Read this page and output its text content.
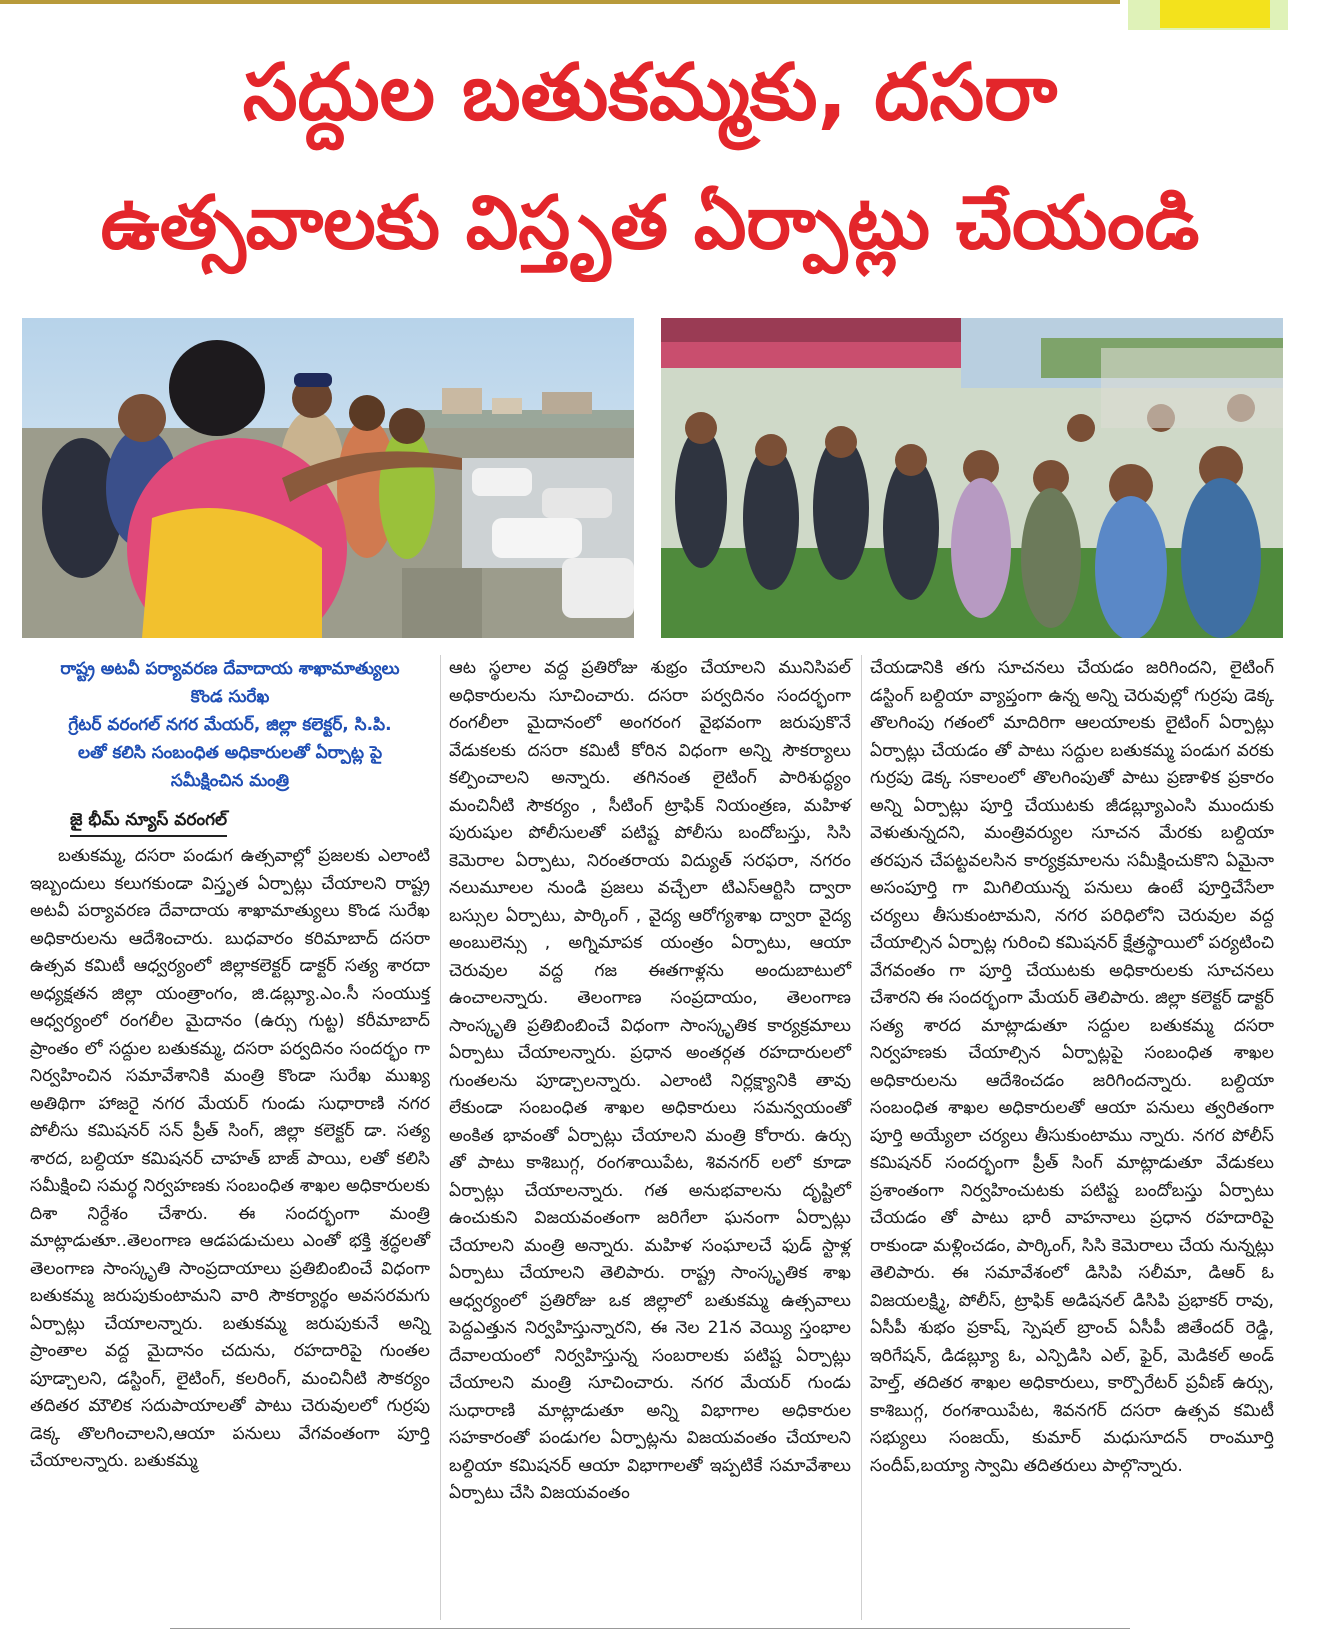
సద్దుల బతుకమ్మకు, దసరా
ఉత్సవాలకు విస్తృత ఏర్పాట్లు చేయండి
రాష్ట్ర అటవీ పర్యావరణ దేవాదాయ శాఖామాత్యులు
కొండ సురేఖ
గ్రేటర్ వరంగల్ నగర మేయర్, జిల్లా కలెక్టర్, సి.పి.
లతో కలిసి సంబంధిత అధికారులతో ఏర్పాట్ల పై
సమీక్షించిన మంత్రి
జై భీమ్ న్యూస్ వరంగల్

బతుకమ్మ, దసరా పండుగ ఉత్సవాల్లో ప్రజలకు ఎలాంటి ఇబ్బందులు కలుగకుండా విస్తృత ఏర్పాట్లు చేయాలని రాష్ట్ర అటవీ పర్యావరణ దేవాదాయ శాఖామాత్యులు కొండ సురేఖ అధికారులను ఆదేశించారు. బుధవారం కరిమాబాద్ దసరా ఉత్సవ కమిటీ ఆధ్వర్యంలో జిల్లాకలెక్టర్ డాక్టర్ సత్య శారదా అధ్యక్షతన జిల్లా యంత్రాంగం, జి.డబ్ల్యూ.ఎం.సీ సంయుక్త ఆధ్వర్యంలో రంగలీల మైదానం (ఉర్సు గుట్ట) కరీమాబాద్ ప్రాంతం లో సద్దుల బతుకమ్మ, దసరా పర్వదినం సందర్భం గా నిర్వహించిన సమావేశానికి మంత్రి కొండా సురేఖ ముఖ్య అతిథిగా హాజరై నగర మేయర్ గుండు సుధారాణి నగర పోలీసు కమిషనర్ సన్ ప్రీత్ సింగ్, జిల్లా కలెక్టర్ డా. సత్య శారద, బల్దియా కమిషనర్ చాహత్ బాజ్ పాయి, లతో కలిసి సమీక్షించి సమర్థ నిర్వహణకు సంబంధిత శాఖల అధికారులకు దిశా నిర్దేశం చేశారు. ఈ సందర్భంగా మంత్రి మాట్లాడుతూ..తెలంగాణ ఆడపడుచులు ఎంతో భక్తి శ్రద్ధలతో తెలంగాణ సాంస్కృతి సాంప్రదాయాలు ప్రతిబింబించే విధంగా బతుకమ్మ జరుపుకుంటామని వారి సౌకర్యార్థం అవసరమగు ఏర్పాట్లు చేయాలన్నారు. బతుకమ్మ జరుపుకునే అన్ని ప్రాంతాల వద్ద మైదానం చదును, రహదారిపై గుంతల పూడ్చాలని, డస్టింగ్, లైటింగ్, కలరింగ్, మంచినీటి సౌకర్యం తదితర మౌలిక సదుపాయాలతో పాటు చెరువులలో గుర్రపు డెక్క తొలగించాలని,ఆయా పనులు వేగవంతంగా పూర్తి చేయాలన్నారు. బతుకమ్మ

ఆట స్థలాల వద్ద ప్రతిరోజు శుభ్రం చేయాలని మునిసిపల్ అధికారులను సూచించారు. దసరా పర్వదినం సందర్భంగా రంగలీలా మైదానంలో అంగరంగ వైభవంగా జరుపుకొనే వేడుకలకు దసరా కమిటీ కోరిన విధంగా అన్ని సౌకర్యాలు కల్పించాలని అన్నారు. తగినంత లైటింగ్ పారిశుద్ధ్యం మంచినీటి సౌకర్యం , సీటింగ్ ట్రాఫిక్ నియంత్రణ, మహిళ పురుషుల పోలీసులతో పటిష్ట పోలీసు బందోబస్తు, సిసి కెమెరాల ఏర్పాటు, నిరంతరాయ విద్యుత్ సరఫరా, నగరం నలుమూలల నుండి ప్రజలు వచ్చేలా టిఎస్ఆర్టిసి ద్వారా బస్సుల ఏర్పాటు, పార్కింగ్ , వైద్య ఆరోగ్యశాఖ ద్వారా వైద్య అంబులెన్సు , అగ్నిమాపక యంత్రం ఏర్పాటు, ఆయా చెరువుల వద్ద గజ ఈతగాళ్లను అందుబాటులో ఉంచాలన్నారు. తెలంగాణ సంప్రదాయం, తెలంగాణ సాంస్కృతి ప్రతిబింబించే విధంగా సాంస్కృతిక కార్యక్రమాలు ఏర్పాటు చేయాలన్నారు. ప్రధాన అంతర్గత రహదారులలో గుంతలను పూడ్చాలన్నారు. ఎలాంటి నిర్లక్ష్యానికి తావు లేకుండా సంబంధిత శాఖల అధికారులు సమన్వయంతో అంకిత భావంతో ఏర్పాట్లు చేయాలని మంత్రి కోరారు. ఉర్సు తో పాటు కాశిబుగ్గ, రంగశాయిపేట, శివనగర్ లలో కూడా ఏర్పాట్లు చేయాలన్నారు. గత అనుభవాలను దృష్టిలో ఉంచుకుని విజయవంతంగా జరిగేలా ఘనంగా ఏర్పాట్లు చేయాలని మంత్రి అన్నారు. మహిళ సంఘాలచే ఫుడ్ స్టాళ్ల ఏర్పాటు చేయాలని తెలిపారు. రాష్ట్ర సాంస్కృతిక శాఖ ఆధ్వర్యంలో ప్రతిరోజు ఒక జిల్లాలో బతుకమ్మ ఉత్సవాలు పెద్దఎత్తున నిర్వహిస్తున్నారని, ఈ నెల 21న వెయ్యి స్తంభాల దేవాలయంలో నిర్వహిస్తున్న సంబరాలకు పటిష్ట ఏర్పాట్లు చేయాలని మంత్రి సూచించారు. నగర మేయర్ గుండు సుధారాణి మాట్లాడుతూ అన్ని విభాగాల అధికారుల సహకారంతో పండుగల ఏర్పాట్లను విజయవంతం చేయాలని బల్దియా కమిషనర్ ఆయా విభాగాలతో ఇప్పటికే సమావేశాలు ఏర్పాటు చేసి విజయవంతం

చేయడానికి తగు సూచనలు చేయడం జరిగిందని, లైటింగ్ డస్టింగ్ బల్దియా వ్యాప్తంగా ఉన్న అన్ని చెరువుల్లో గుర్రపు డెక్క తొలగింపు గతంలో మాదిరిగా ఆలయాలకు లైటింగ్ ఏర్పాట్లు ఏర్పాట్లు చేయడం తో పాటు సద్దుల బతుకమ్మ పండుగ వరకు గుర్రపు డెక్క సకాలంలో తొలగింపుతో పాటు ప్రణాళిక ప్రకారం అన్ని ఏర్పాట్లు పూర్తి చేయుటకు జీడబ్ల్యూఎంసి ముందుకు వెళుతున్నదని, మంత్రివర్యుల సూచన మేరకు బల్దియా తరపున చేపట్టవలసిన కార్యక్రమాలను సమీక్షించుకొని ఏమైనా అసంపూర్తి గా మిగిలియున్న పనులు ఉంటే పూర్తిచేసేలా చర్యలు తీసుకుంటామని, నగర పరిధిలోని చెరువుల వద్ద చేయాల్సిన ఏర్పాట్ల గురించి కమిషనర్ క్షేత్రస్థాయిలో పర్యటించి వేగవంతం గా పూర్తి చేయుటకు అధికారులకు సూచనలు చేశారని ఈ సందర్భంగా మేయర్ తెలిపారు. జిల్లా కలెక్టర్ డాక్టర్ సత్య శారద మాట్లాడుతూ సద్దుల బతుకమ్మ దసరా నిర్వహణకు చేయాల్సిన ఏర్పాట్లపై సంబంధిత శాఖల అధికారులను ఆదేశించడం జరిగిందన్నారు. బల్దియా సంబంధిత శాఖల అధికారులతో ఆయా పనులు త్వరితంగా పూర్తి అయ్యేలా చర్యలు తీసుకుంటాము న్నారు. నగర పోలీస్ కమిషనర్ సందర్భంగా ప్రీత్ సింగ్ మాట్లాడుతూ వేడుకలు ప్రశాంతంగా నిర్వహించుటకు పటిష్ట బందోబస్తు ఏర్పాటు చేయడం తో పాటు భారీ వాహనాలు ప్రధాన రహదారిపై రాకుండా మళ్లించడం, పార్కింగ్, సిసి కెమెరాలు చేయ నున్నట్లు తెలిపారు. ఈ సమావేశంలో డిసిపి సలీమా, డిఆర్ ఓ విజయలక్ష్మి, పోలీస్, ట్రాఫిక్ అడిషనల్ డిసిపి ప్రభాకర్ రావు, ఏసీపీ శుభం ప్రకాష్, స్పెషల్ బ్రాంచ్ ఏసీపీ జితేందర్ రెడ్డి, ఇరిగేషన్, డిడబ్ల్యూ ఓ, ఎన్పిడిసి ఎల్, ఫైర్, మెడికల్ అండ్ హెల్త్, తదితర శాఖల అధికారులు, కార్పొరేటర్ ప్రవీణ్ ఉర్సు, కాశిబుగ్గ, రంగశాయిపేట, శివనగర్ దసరా ఉత్సవ కమిటీ సభ్యులు సంజయ్, కుమార్ మధుసూదన్ రాంమూర్తి సందీప్,బయ్యా స్వామి తదితరులు పాల్గొన్నారు.
